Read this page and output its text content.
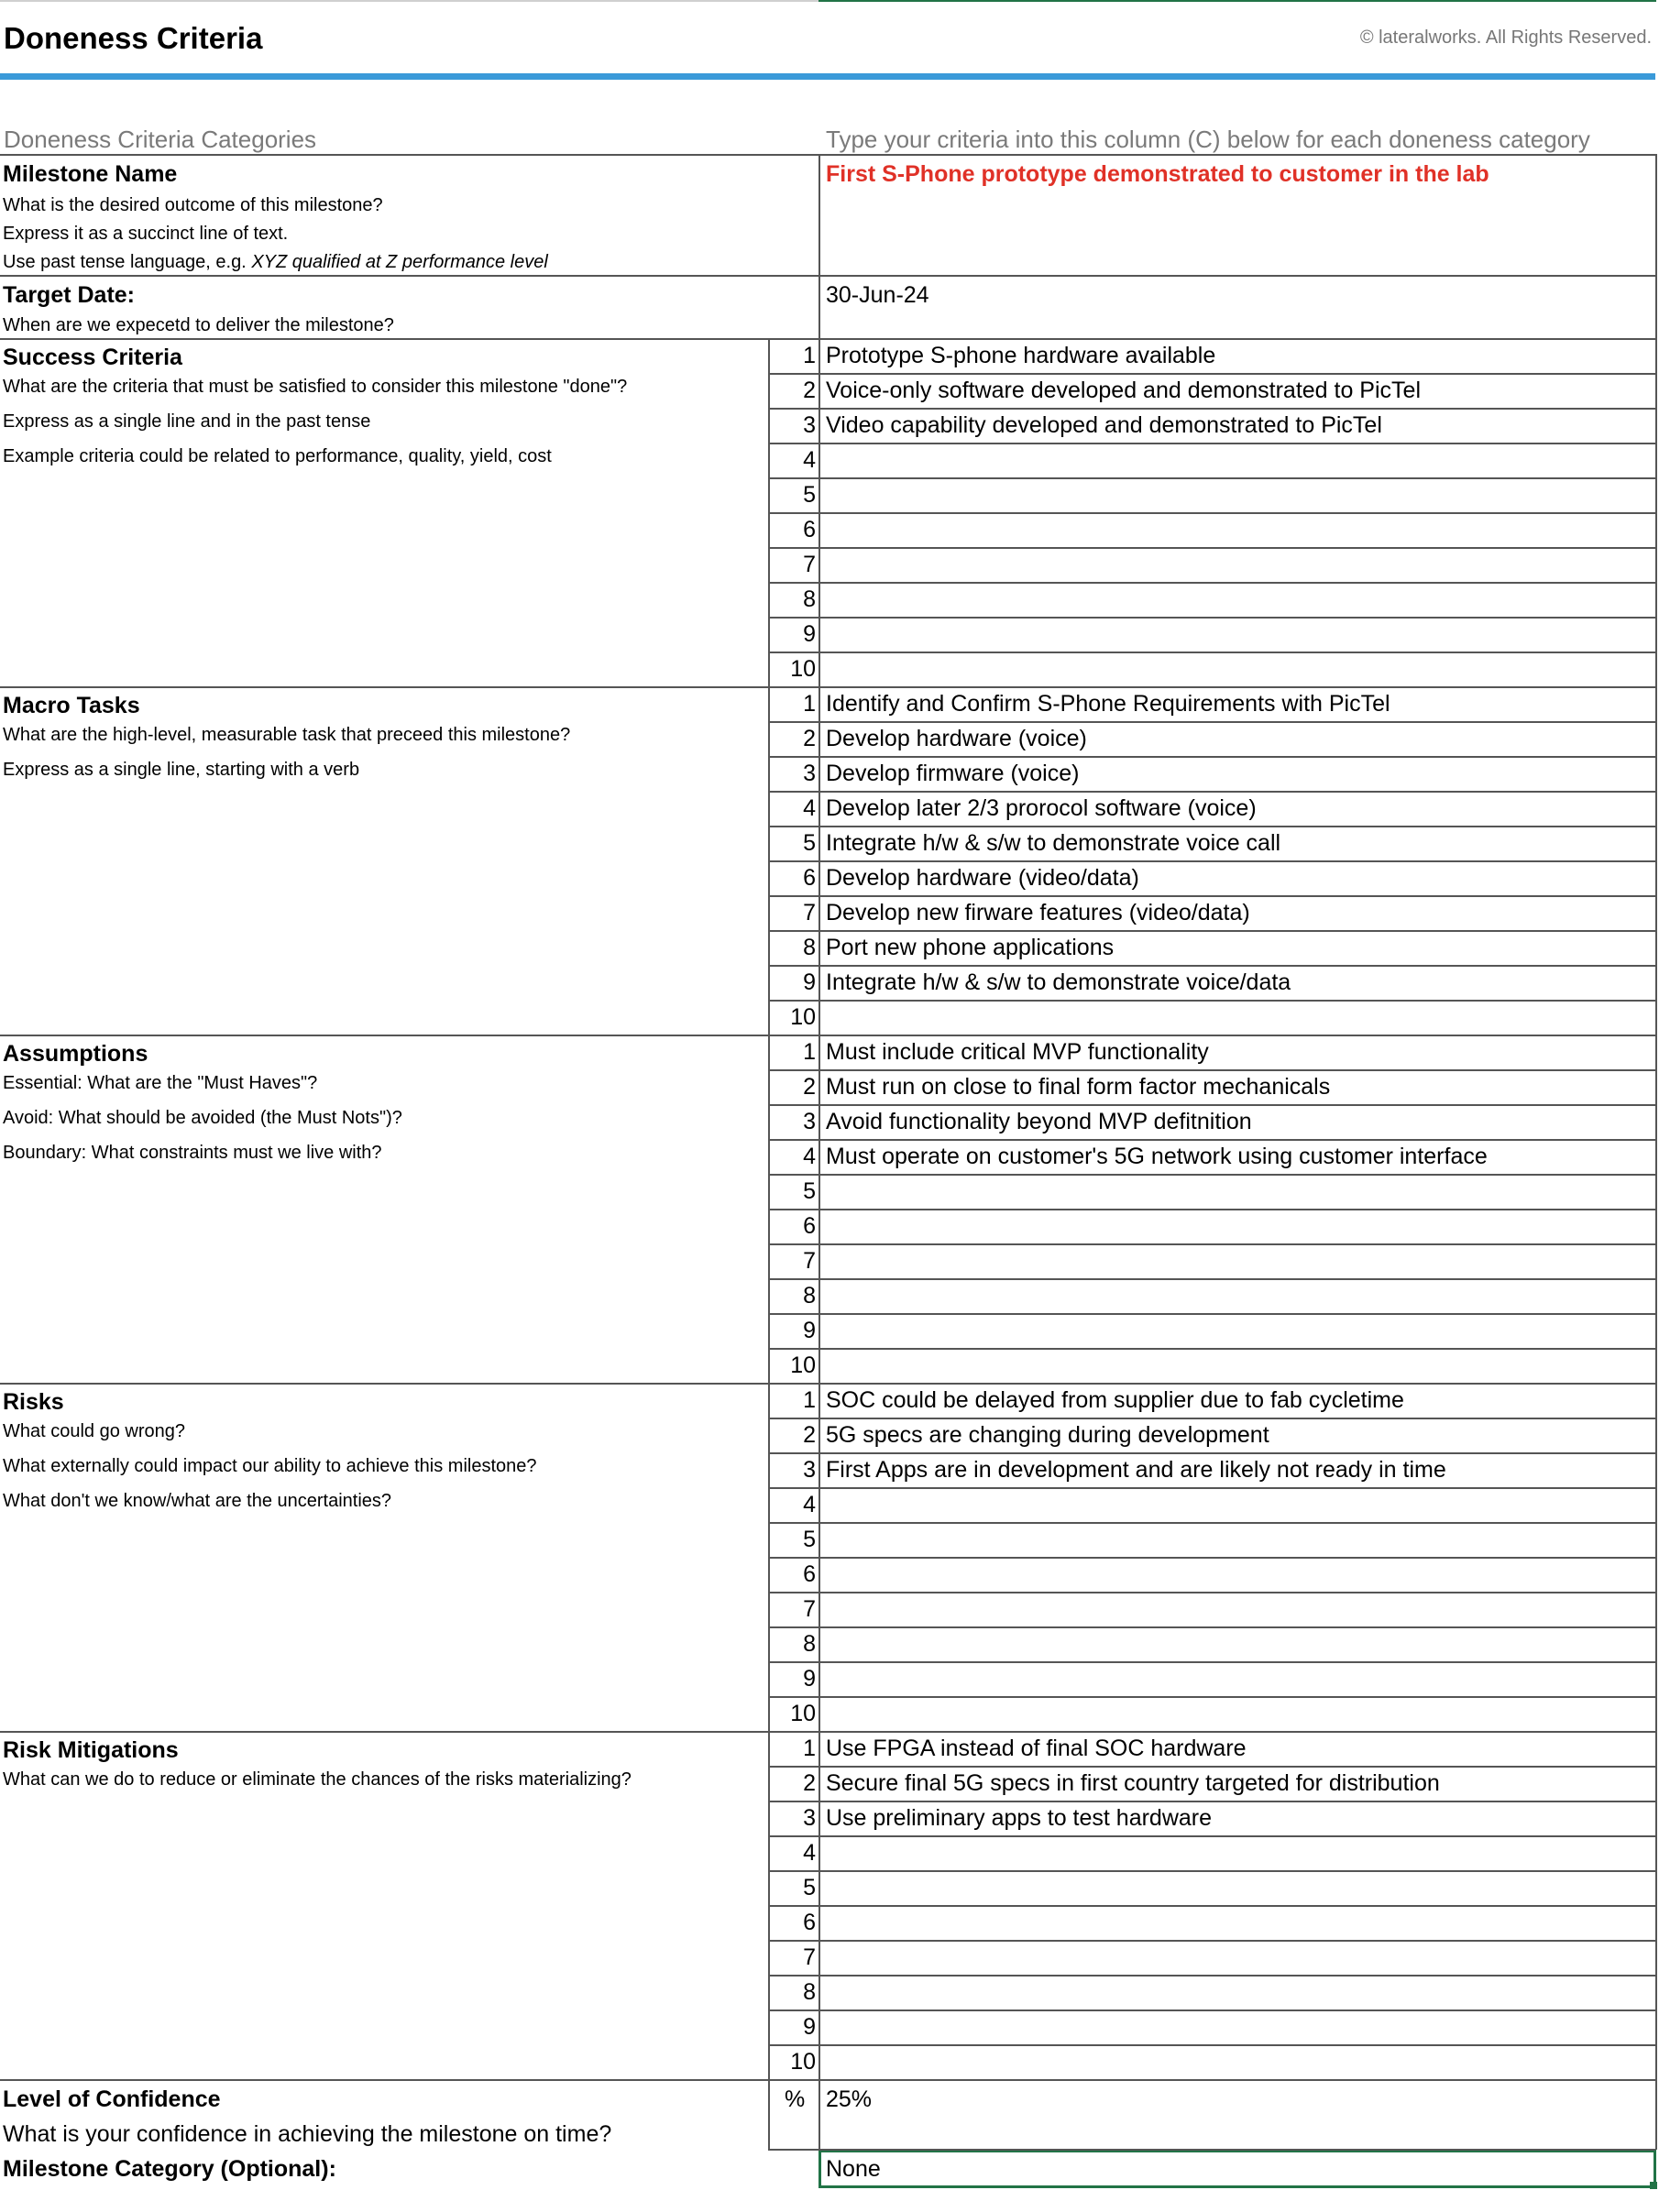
Doneness Criteria	© lateralworks. All Rights Reserved.
Doneness Criteria Categories	Type your criteria into this column (C) below for each doneness category
Milestone Name
What is the desired outcome of this milestone?
Express it as a succinct line of text.
Use past tense language, e.g. XYZ qualified at Z performance level
First S-Phone prototype demonstrated to customer in the lab
Target Date:
When are we expecetd to deliver the milestone?
30-Jun-24
Success Criteria
What are the criteria that must be satisfied to consider this milestone "done"?
Express as a single line and in the past tense
Example criteria could be related to performance, quality, yield, cost
1 Prototype S-phone hardware available
2 Voice-only software developed and demonstrated to PicTel
3 Video capability developed and demonstrated to PicTel
4
5
6
7
8
9
10
Macro Tasks
What are the high-level, measurable task that preceed this milestone?
Express as a single line, starting with a verb
1 Identify and Confirm S-Phone Requirements with PicTel
2 Develop hardware (voice)
3 Develop firmware (voice)
4 Develop later 2/3 prorocol software (voice)
5 Integrate h/w & s/w to demonstrate voice call
6 Develop hardware (video/data)
7 Develop new firware features (video/data)
8 Port new phone applications
9 Integrate h/w & s/w to demonstrate voice/data
10
Assumptions
Essential: What are the "Must Haves"?
Avoid: What should be avoided (the Must Nots")?
Boundary: What constraints must we live with?
1 Must include critical MVP functionality
2 Must run on close to final form factor mechanicals
3 Avoid functionality beyond MVP defitnition
4 Must operate on customer's 5G network using customer interface
5
6
7
8
9
10
Risks
What could go wrong?
What externally could impact our ability to achieve this milestone?
What don't we know/what are the uncertainties?
1 SOC could be delayed from supplier due to fab cycletime
2 5G specs are changing during development
3 First Apps are in development and are likely not ready in time
4
5
6
7
8
9
10
Risk Mitigations
What can we do to reduce or eliminate the chances of the risks materializing?
1 Use FPGA instead of final SOC hardware
2 Secure final 5G specs in first country targeted for distribution
3 Use preliminary apps to test hardware
4
5
6
7
8
9
10
Level of Confidence
What is your confidence in achieving the milestone on time?
% 25%
Milestone Category (Optional):	None
